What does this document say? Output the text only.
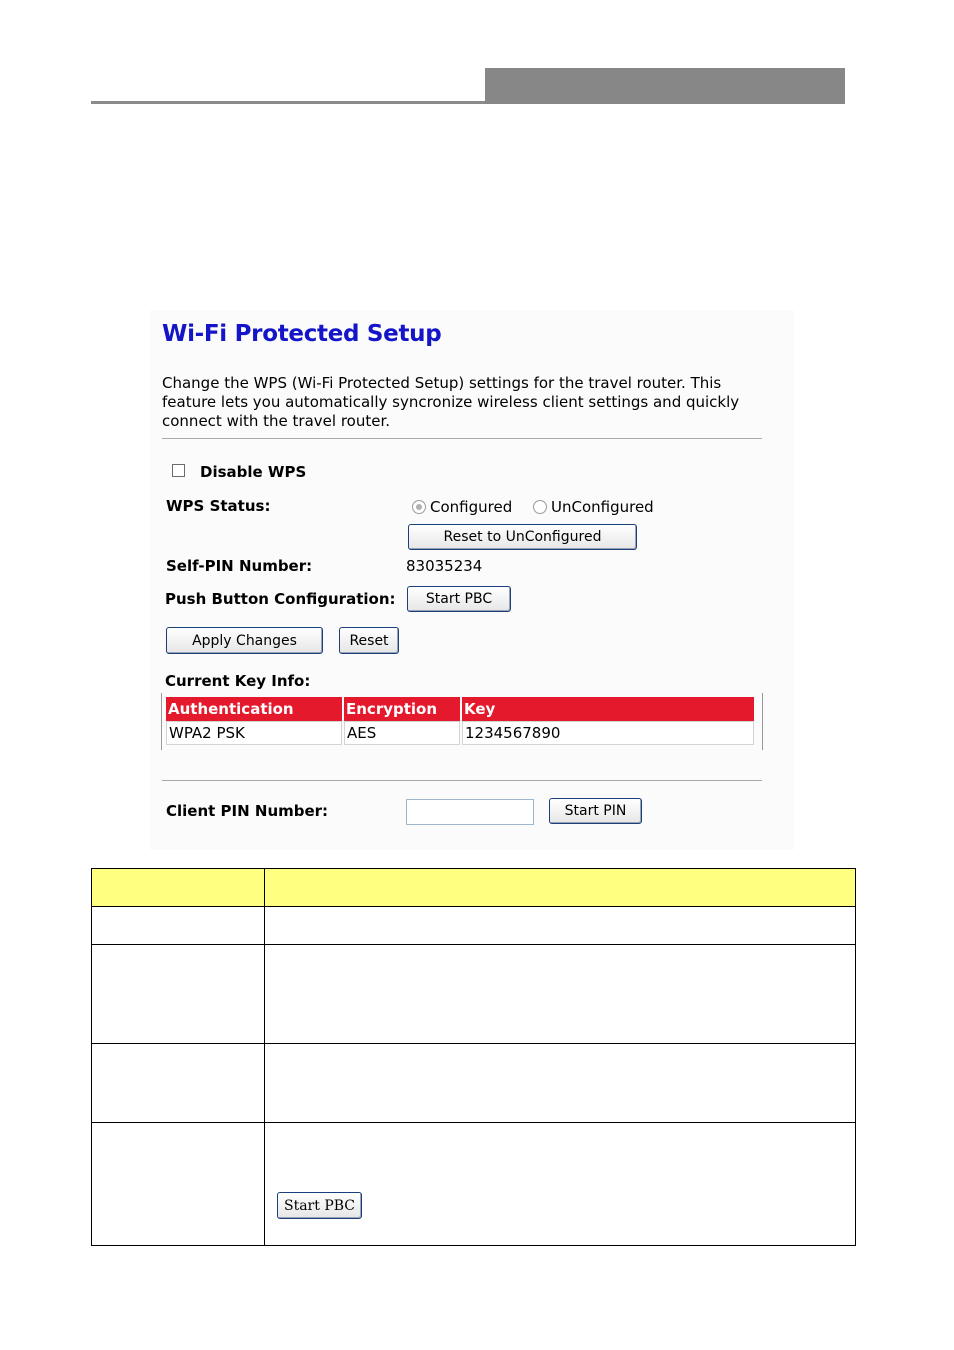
Wi-Fi Protected Setup
Change the WPS (Wi-Fi Protected Setup) settings for the travel router. This feature lets you automatically syncronize wireless client settings and quickly connect with the travel router.
Disable WPS
WPS Status:	Configured	UnConfigured
Reset to UnConfigured
Self-PIN Number:	83035234
Push Button Configuration:	Start PBC
Apply Changes	Reset
Current Key Info:
Authentication	Encryption	Key
WPA2 PSK	AES	1234567890
Client PIN Number:	Start PIN

	Start PBC
